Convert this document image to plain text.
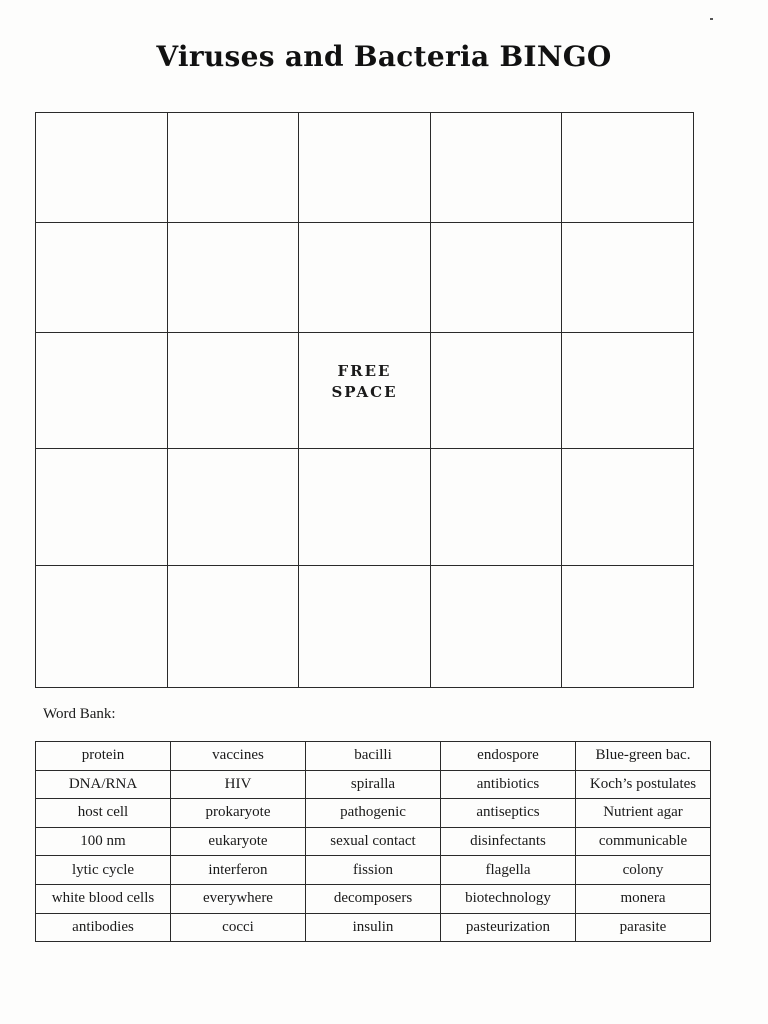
Viruses and Bacteria BINGO

		FREE SPACE		

Word Bank:

protein	vaccines	bacilli	endospore	Blue-green bac.
DNA/RNA	HIV	spiralla	antibiotics	Koch’s postulates
host cell	prokaryote	pathogenic	antiseptics	Nutrient agar
100 nm	eukaryote	sexual contact	disinfectants	communicable
lytic cycle	interferon	fission	flagella	colony
white blood cells	everywhere	decomposers	biotechnology	monera
antibodies	cocci	insulin	pasteurization	parasite
